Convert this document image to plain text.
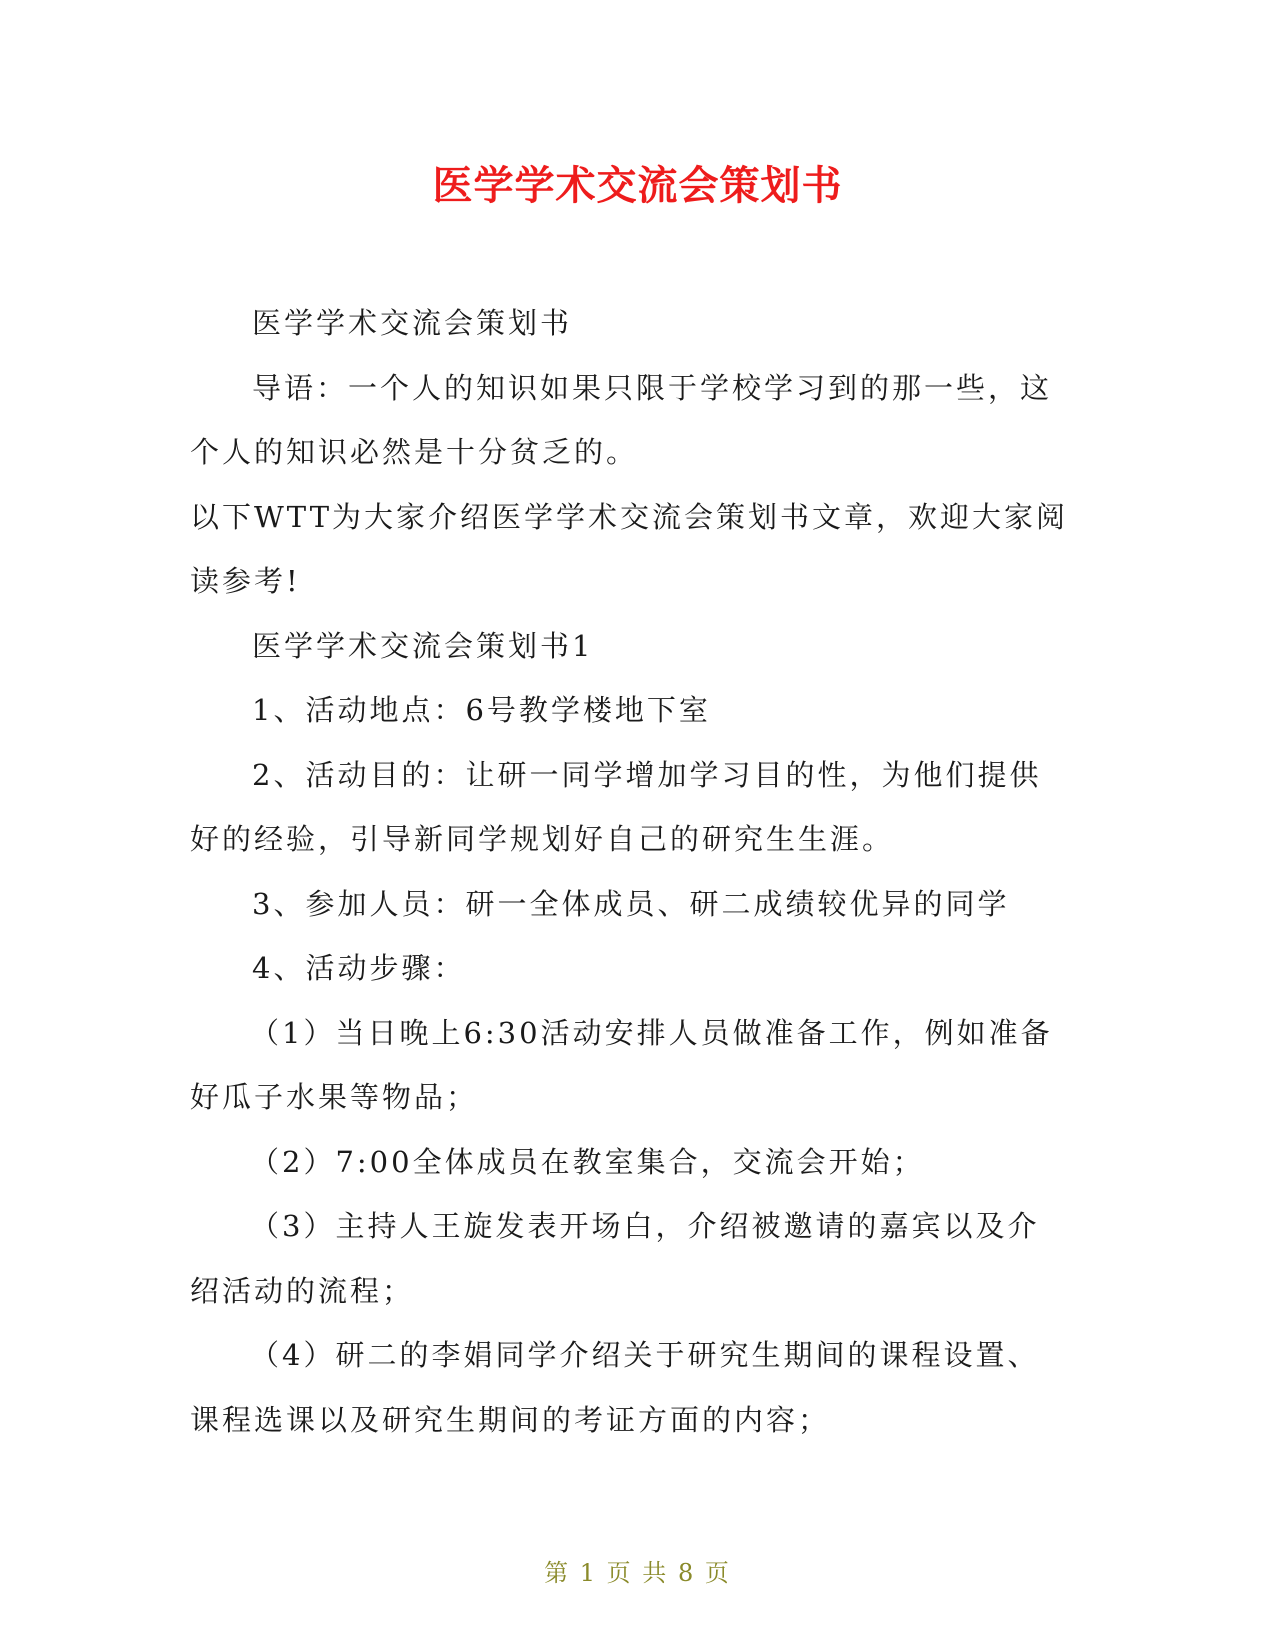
医学学术交流会策划书

医学学术交流会策划书

导语：一个人的知识如果只限于学校学习到的那一些，这
个人的知识必然是十分贫乏的。

以下WTT为大家介绍医学学术交流会策划书文章，欢迎大家阅
读参考!

医学学术交流会策划书1

1、活动地点：6号教学楼地下室

2、活动目的：让研一同学增加学习目的性，为他们提供
好的经验，引导新同学规划好自己的研究生生涯。

3、参加人员：研一全体成员、研二成绩较优异的同学

4、活动步骤：

（1）当日晚上6:30活动安排人员做准备工作，例如准备
好瓜子水果等物品；

（2）7:00全体成员在教室集合，交流会开始；

（3）主持人王旋发表开场白，介绍被邀请的嘉宾以及介
绍活动的流程；

（4）研二的李娟同学介绍关于研究生期间的课程设置、
课程选课以及研究生期间的考证方面的内容；

第 1 页 共 8 页
